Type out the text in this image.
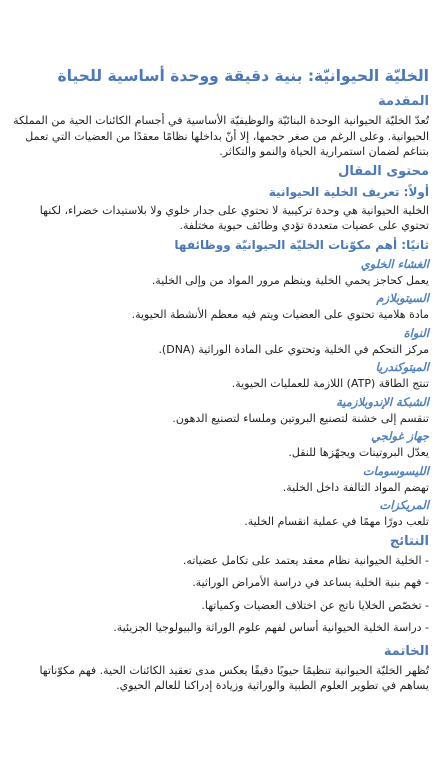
الخليّة الحيوانيّة: بنية دقيقة ووحدة أساسية للحياة
المقدمة

تُعدّ الخليّة الحيوانية الوحدة البنائيّة والوظيفيّة الأساسية في أجسام الكائنات الحية من المملكة الحيوانية. وعلى الرغم من صغر حجمها، إلا أنّ بداخلها نظامًا معقدًا من العضيات التي تعمل بتناغم لضمان استمرارية الحياة والنمو والتكاثر.

محتوى المقال
أولاً: تعريف الخلية الحيوانية

الخلية الحيوانية هي وحدة تركيبية لا تحتوي على جدار خلوي ولا بلاستيدات خضراء، لكنها تحتوي على عضيات متعددة تؤدي وظائف حيوية مختلفة.

ثانيًا: أهم مكوّنات الخليّة الحيوانيّة ووظائفها
الغشاء الخلوي

يعمل كحاجز يحمي الخلية وينظم مرور المواد من وإلى الخلية.

السيتوبلازم

مادة هلامية تحتوي على العضيات ويتم فيه معظم الأنشطة الحيوية.

النواة

مركز التحكم في الخلية وتحتوي على المادة الوراثية (DNA).

الميتوكندريا

تنتج الطاقة (ATP) اللازمة للعمليات الحيوية.

الشبكة الإندوبلازمية

تنقسم إلى خشنة لتصنيع البروتين وملساء لتصنيع الدهون.

جهاز غولجي

يعدّل البروتينات ويجهّزها للنقل.

الليسوسومات

تهضم المواد التالفة داخل الخلية.

المريكزات

تلعب دورًا مهمًا في عملية انقسام الخلية.

النتائج
- الخلية الحيوانية نظام معقد يعتمد على تكامل عضياته.
- فهم بنية الخلية يساعد في دراسة الأمراض الوراثية.
- تخصّص الخلايا ناتج عن اختلاف العضيات وكمياتها.
- دراسة الخلية الحيوانية أساس لفهم علوم الوراثة والبيولوجيا الجزيئية.
الخاتمة

تُظهر الخليّة الحيوانية تنظيمًا حيويًا دقيقًا يعكس مدى تعقيد الكائنات الحية. فهم مكوّناتها يساهم في تطوير العلوم الطبية والوراثية وزيادة إدراكنا للعالم الحيوي.
